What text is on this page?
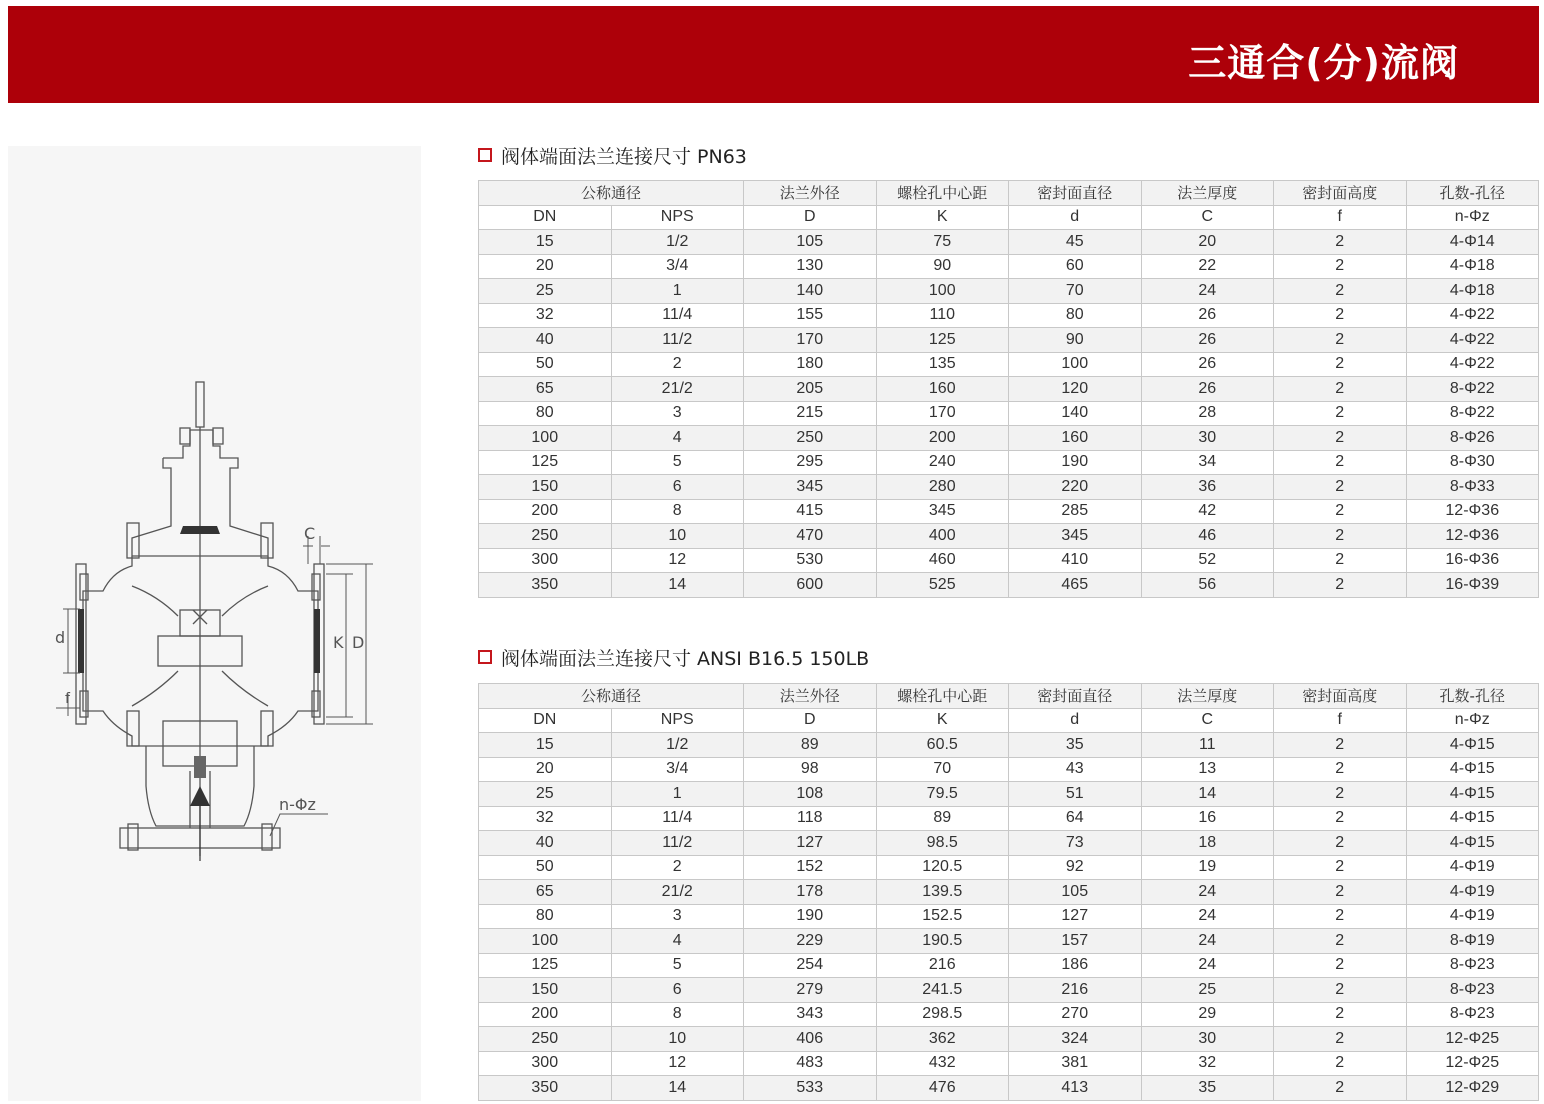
三通合(分)流阀
d
f
C
K D
n-Φz
阀体端面法兰连接尺寸 PN63
公称通径		法兰外径	螺栓孔中心距	密封面直径	法兰厚度	密封面高度	孔数-孔径
DN	NPS	D	K	d	C	f	n-Φz
15	1/2	105	75	45	20	2	4-Φ14
20	3/4	130	90	60	22	2	4-Φ18
25	1	140	100	70	24	2	4-Φ18
32	11/4	155	110	80	26	2	4-Φ22
40	11/2	170	125	90	26	2	4-Φ22
50	2	180	135	100	26	2	4-Φ22
65	21/2	205	160	120	26	2	8-Φ22
80	3	215	170	140	28	2	8-Φ22
100	4	250	200	160	30	2	8-Φ26
125	5	295	240	190	34	2	8-Φ30
150	6	345	280	220	36	2	8-Φ33
200	8	415	345	285	42	2	12-Φ36
250	10	470	400	345	46	2	12-Φ36
300	12	530	460	410	52	2	16-Φ36
350	14	600	525	465	56	2	16-Φ39
阀体端面法兰连接尺寸 ANSI B16.5 150LB
公称通径		法兰外径	螺栓孔中心距	密封面直径	法兰厚度	密封面高度	孔数-孔径
DN	NPS	D	K	d	C	f	n-Φz
15	1/2	89	60.5	35	11	2	4-Φ15
20	3/4	98	70	43	13	2	4-Φ15
25	1	108	79.5	51	14	2	4-Φ15
32	11/4	118	89	64	16	2	4-Φ15
40	11/2	127	98.5	73	18	2	4-Φ15
50	2	152	120.5	92	19	2	4-Φ19
65	21/2	178	139.5	105	24	2	4-Φ19
80	3	190	152.5	127	24	2	4-Φ19
100	4	229	190.5	157	24	2	8-Φ19
125	5	254	216	186	24	2	8-Φ23
150	6	279	241.5	216	25	2	8-Φ23
200	8	343	298.5	270	29	2	8-Φ23
250	10	406	362	324	30	2	12-Φ25
300	12	483	432	381	32	2	12-Φ25
350	14	533	476	413	35	2	12-Φ29
